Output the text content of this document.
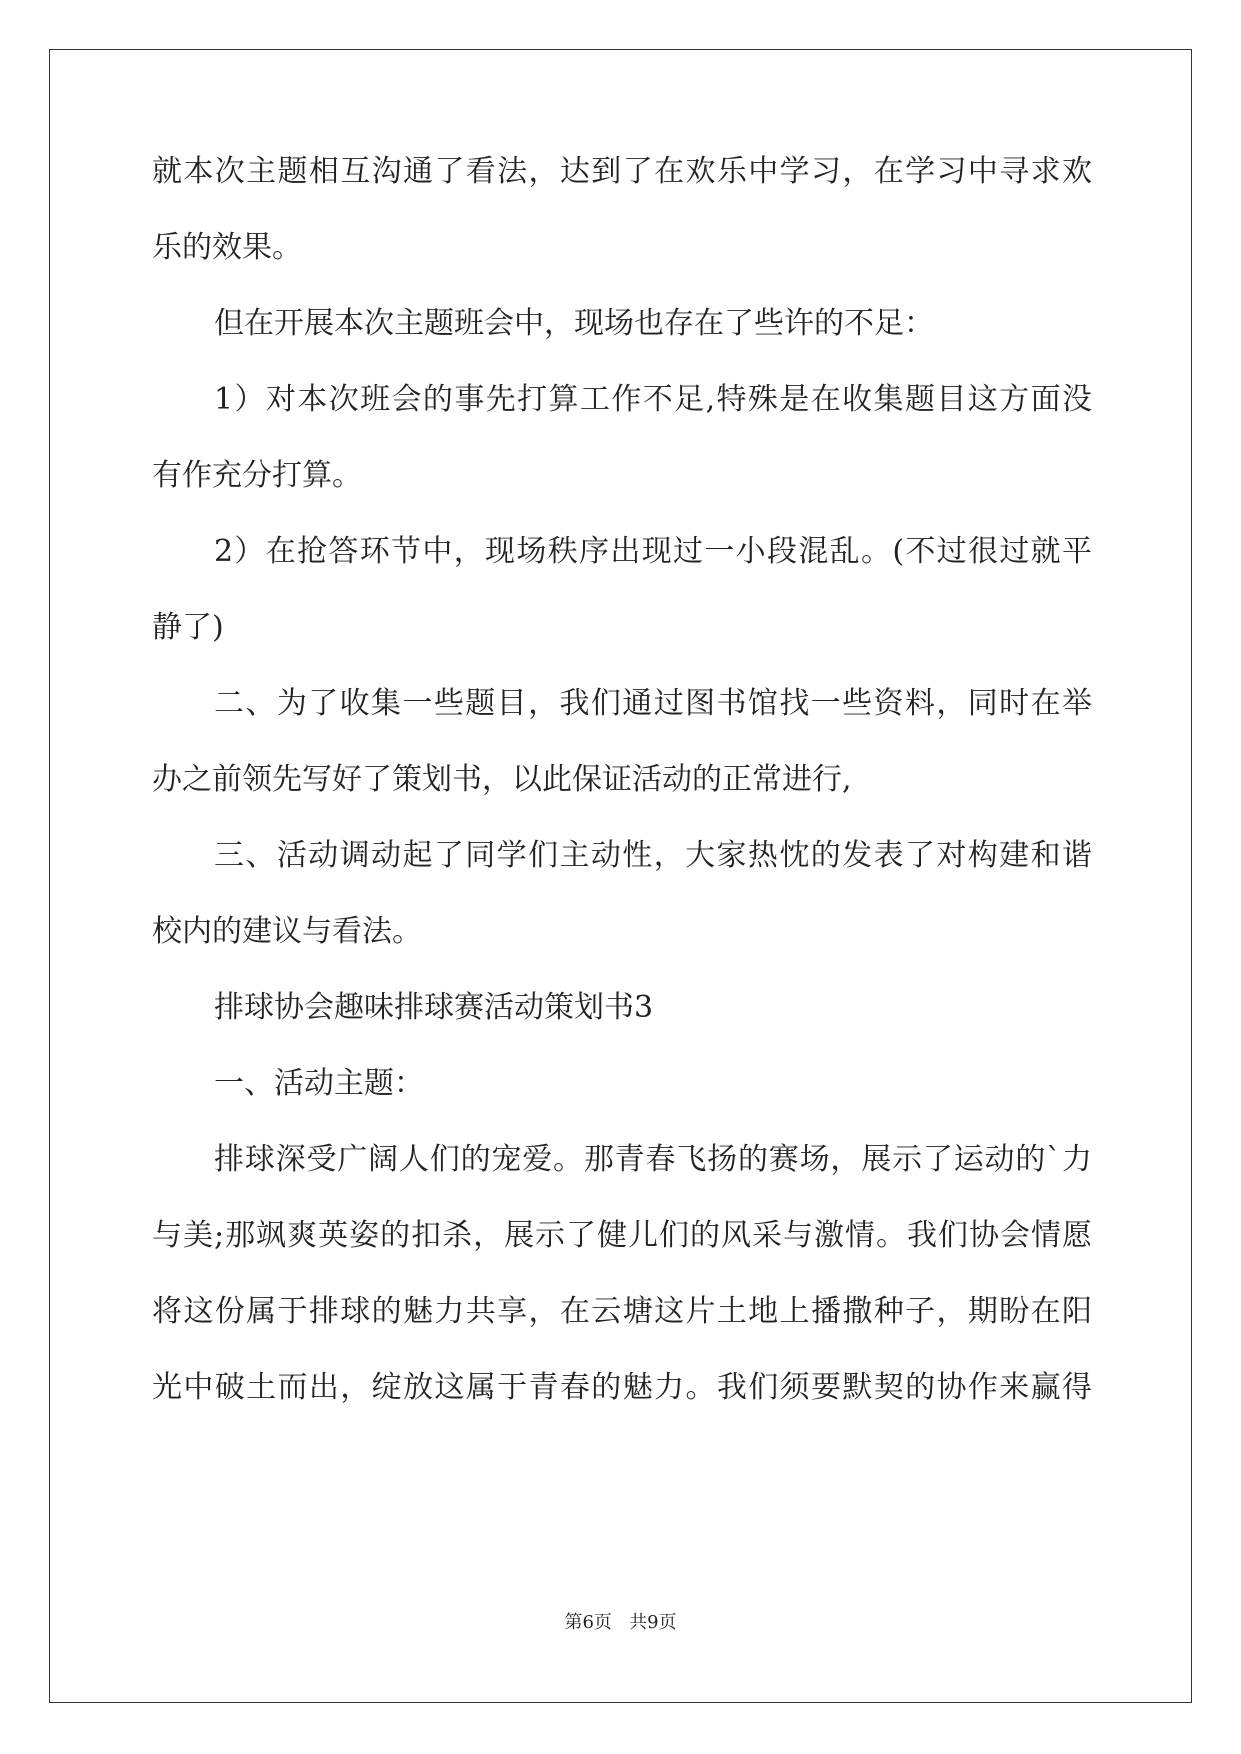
就本次主题相互沟通了看法，达到了在欢乐中学习，在学习中寻求欢
乐的效果。
但在开展本次主题班会中，现场也存在了些许的不足：
1）对本次班会的事先打算工作不足,特殊是在收集题目这方面没
有作充分打算。
2）在抢答环节中，现场秩序出现过一小段混乱。(不过很过就平
静了)
二、为了收集一些题目，我们通过图书馆找一些资料，同时在举
办之前领先写好了策划书，以此保证活动的正常进行,
三、活动调动起了同学们主动性，大家热忱的发表了对构建和谐
校内的建议与看法。
排球协会趣味排球赛活动策划书3
一、活动主题：
排球深受广阔人们的宠爱。那青春飞扬的赛场，展示了运动的`力
与美;那飒爽英姿的扣杀，展示了健儿们的风采与激情。我们协会情愿
将这份属于排球的魅力共享，在云塘这片土地上播撒种子，期盼在阳
光中破土而出，绽放这属于青春的魅力。我们须要默契的协作来赢得
第6页 共9页
